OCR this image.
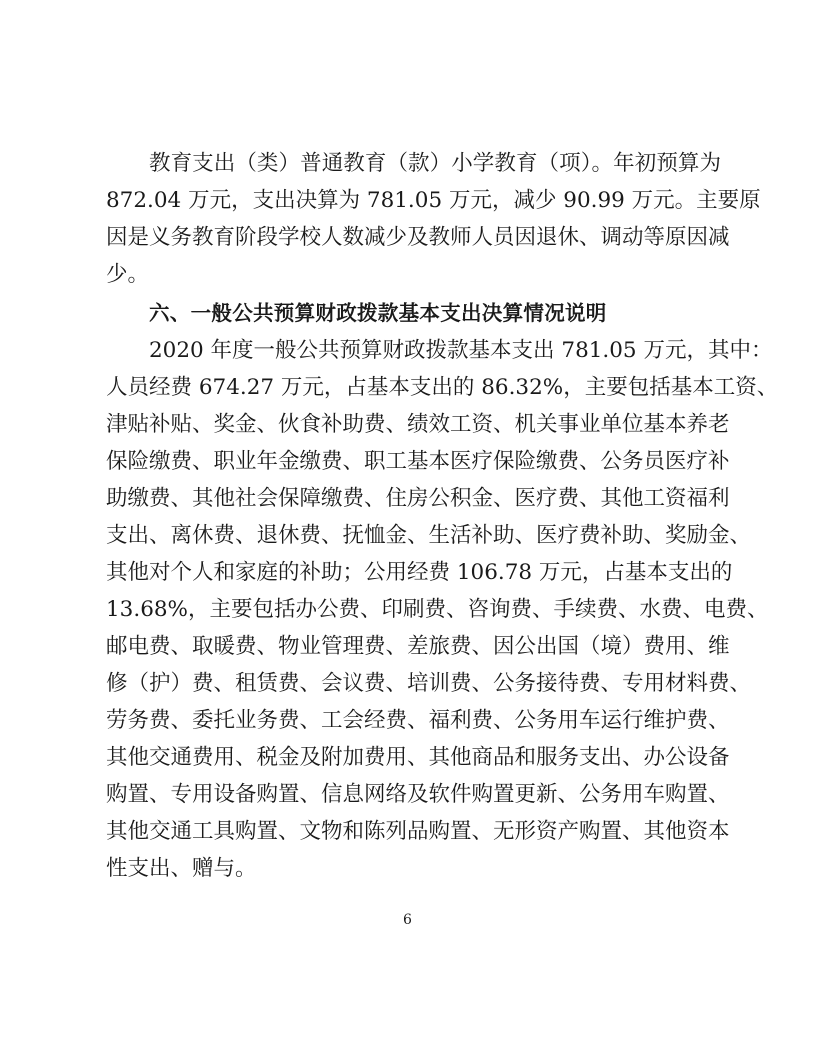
教育支出（类）普通教育（款）小学教育（项）。年初预算为
872.04 万元，支出决算为 781.05 万元，减少 90.99 万元。主要原
因是义务教育阶段学校人数减少及教师人员因退休、调动等原因减
少。
六、一般公共预算财政拨款基本支出决算情况说明
2020 年度一般公共预算财政拨款基本支出 781.05 万元，其中：
人员经费 674.27 万元，占基本支出的 86.32%，主要包括基本工资、
津贴补贴、奖金、伙食补助费、绩效工资、机关事业单位基本养老
保险缴费、职业年金缴费、职工基本医疗保险缴费、公务员医疗补
助缴费、其他社会保障缴费、住房公积金、医疗费、其他工资福利
支出、离休费、退休费、抚恤金、生活补助、医疗费补助、奖励金、
其他对个人和家庭的补助；公用经费 106.78 万元，占基本支出的
13.68%，主要包括办公费、印刷费、咨询费、手续费、水费、电费、
邮电费、取暖费、物业管理费、差旅费、因公出国（境）费用、维
修（护）费、租赁费、会议费、培训费、公务接待费、专用材料费、
劳务费、委托业务费、工会经费、福利费、公务用车运行维护费、
其他交通费用、税金及附加费用、其他商品和服务支出、办公设备
购置、专用设备购置、信息网络及软件购置更新、公务用车购置、
其他交通工具购置、文物和陈列品购置、无形资产购置、其他资本
性支出、赠与。
6
